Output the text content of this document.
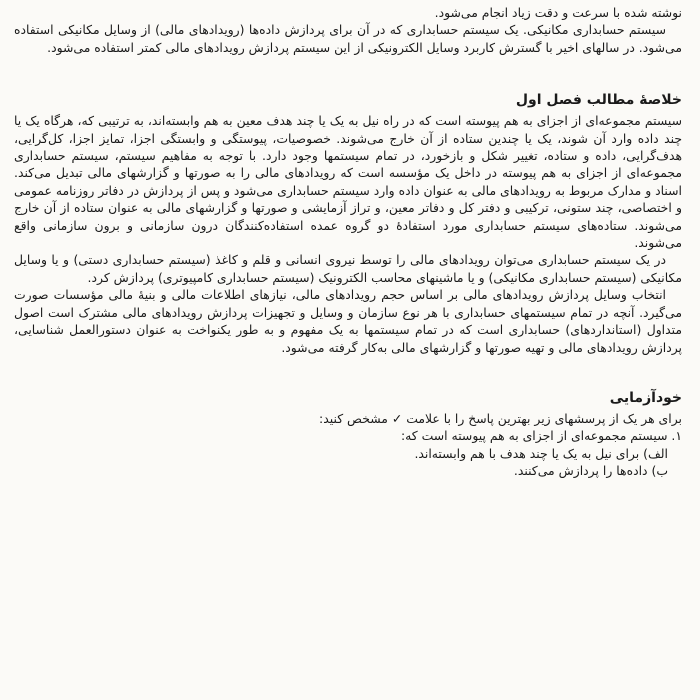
نوشته شده با سرعت و دقت زیاد انجام می‌شود.

سیستم حسابداری مکانیکی. یک سیستم حسابداری که در آن برای پردازش داده‌ها (رویدادهای مالی) از وسایل مکانیکی استفاده می‌شود. در سالهای اخیر با گسترش کاربرد وسایل الکترونیکی از این سیستم پردازش رویدادهای مالی کمتر استفاده می‌شود.

خلاصهٔ مطالب فصل اول

سیستم مجموعه‌ای از اجزای به هم پیوسته است که در راه نیل به یک یا چند هدف معین به هم وابسته‌اند، به ترتیبی که، هرگاه یک یا چند داده وارد آن شوند، یک یا چندین ستاده از آن خارج می‌شوند. خصوصیات، پیوستگی و وابستگی اجزا، تمایز اجزا، کل‌گرایی، هدف‌گرایی، داده و ستاده، تغییر شکل و بازخورد، در تمام سیستمها وجود دارد. با توجه به مفاهیم سیستم، سیستم حسابداری مجموعه‌ای از اجزای به هم پیوسته در داخل یک مؤسسه است که رویدادهای مالی را به صورتها و گزارشهای مالی تبدیل می‌کند. اسناد و مدارک مربوط به رویدادهای مالی به عنوان داده وارد سیستم حسابداری می‌شود و پس از پردازش در دفاتر روزنامه عمومی و اختصاصی، چند ستونی، ترکیبی و دفتر کل و دفاتر معین، و تراز آزمایشی و صورتها و گزارشهای مالی به عنوان ستاده از آن خارج می‌شوند. ستاده‌های سیستم حسابداری مورد استفادهٔ دو گروه عمده استفاده‌کنندگان درون سازمانی و برون سازمانی واقع می‌شوند.

در یک سیستم حسابداری می‌توان رویدادهای مالی را توسط نیروی انسانی و قلم و کاغذ (سیستم حسابداری دستی) و یا وسایل مکانیکی (سیستم حسابداری مکانیکی) و یا ماشینهای محاسب الکترونیک (سیستم حسابداری کامپیوتری) پردازش کرد.

انتخاب وسایل پردازش رویدادهای مالی بر اساس حجم رویدادهای مالی، نیازهای اطلاعات مالی و بنیهٔ مالی مؤسسات صورت می‌گیرد. آنچه در تمام سیستمهای حسابداری با هر نوع سازمان و وسایل و تجهیزات پردازش رویدادهای مالی مشترک است اصول متداول (استانداردهای) حسابداری است که در تمام سیستمها به یک مفهوم و به طور یکنواخت به عنوان دستورالعمل شناسایی، پردازش رویدادهای مالی و تهیه صورتها و گزارشهای مالی به‌کار گرفته می‌شود.

خودآزمایی

برای هر یک از پرسشهای زیر بهترین پاسخ را با علامت ✓ مشخص کنید:

۱. سیستم مجموعه‌ای از اجزای به هم پیوسته است که:

الف) برای نیل به یک یا چند هدف با هم وابسته‌اند.

ب) داده‌ها را پردازش می‌کنند.
